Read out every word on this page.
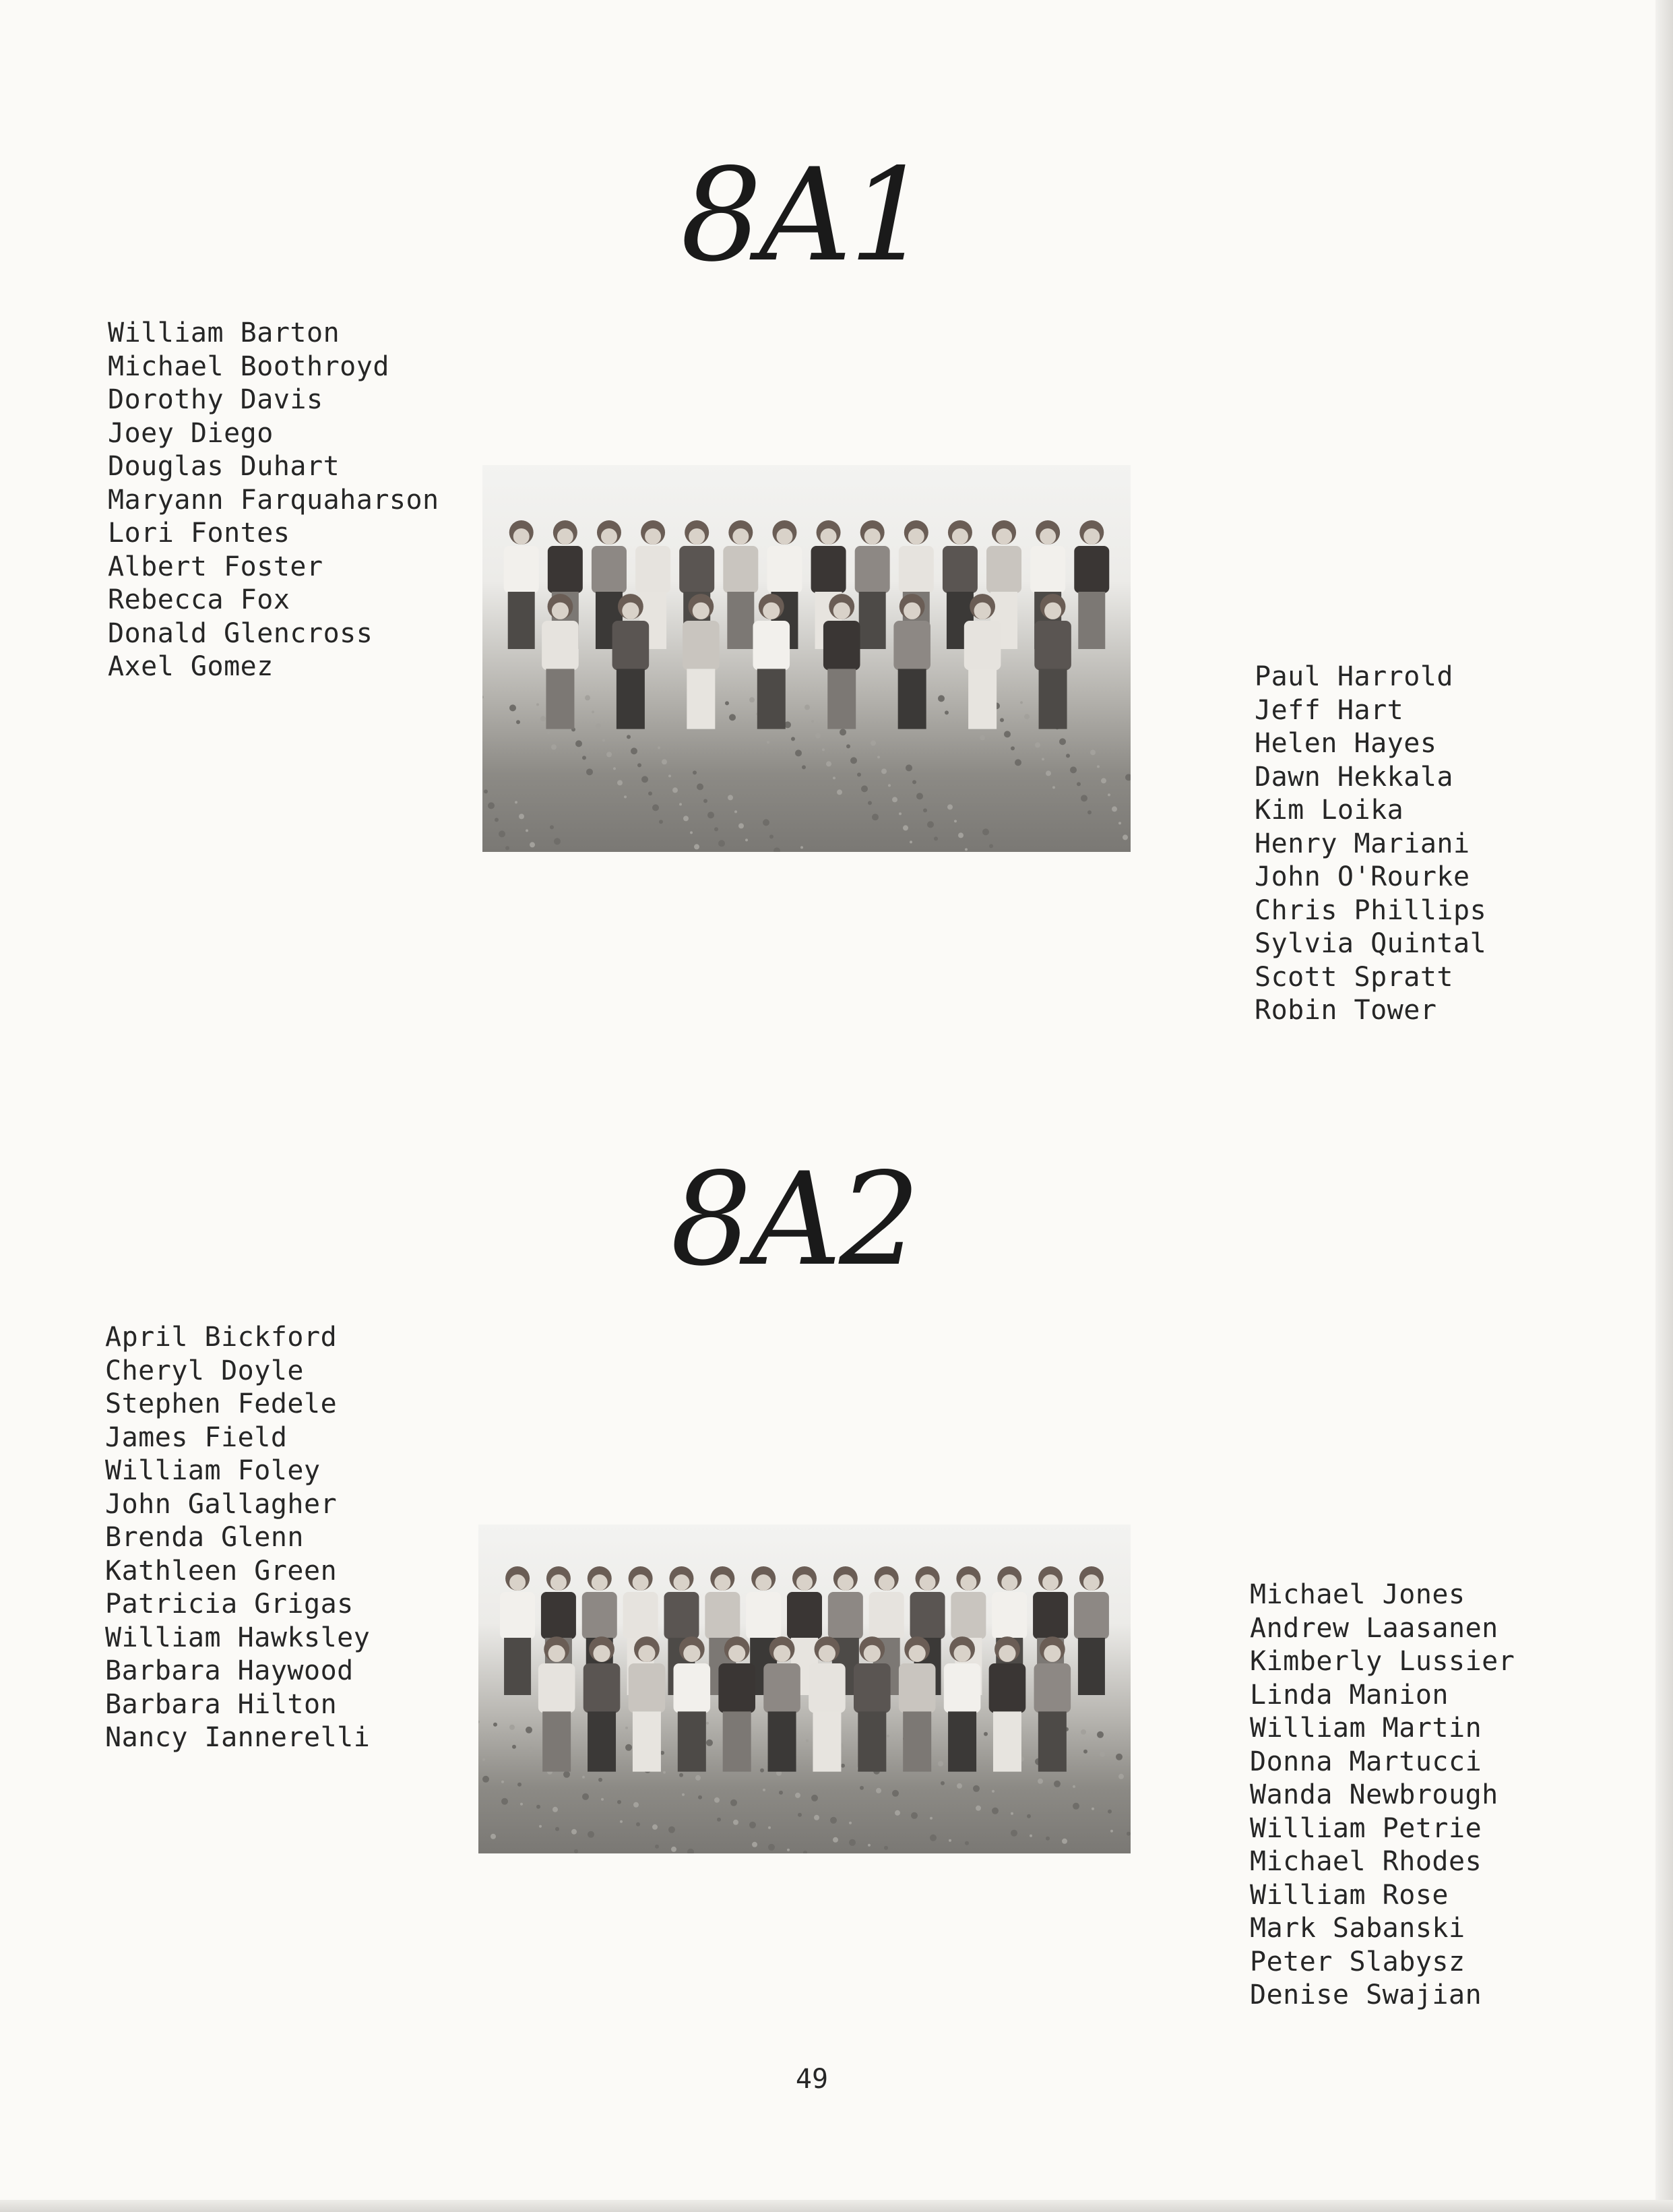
8A1
William Barton
Michael Boothroyd
Dorothy Davis
Joey Diego
Douglas Duhart
Maryann Farquaharson
Lori Fontes
Albert Foster
Rebecca Fox
Donald Glencross
Axel Gomez	Paul Harrold
Jeff Hart
Helen Hayes
Dawn Hekkala
Kim Loika
Henry Mariani
John O'Rourke
Chris Phillips
Sylvia Quintal
Scott Spratt
Robin Tower
8A2
April Bickford
Cheryl Doyle
Stephen Fedele
James Field
William Foley
John Gallagher
Brenda Glenn
Kathleen Green
Patricia Grigas
William Hawksley
Barbara Haywood
Barbara Hilton
Nancy Iannerelli
Michael Jones
Andrew Laasanen
Kimberly Lussier
Linda Manion
William Martin
Donna Martucci
Wanda Newbrough
William Petrie
Michael Rhodes
William Rose
Mark Sabanski
Peter Slabysz
Denise Swajian
49
